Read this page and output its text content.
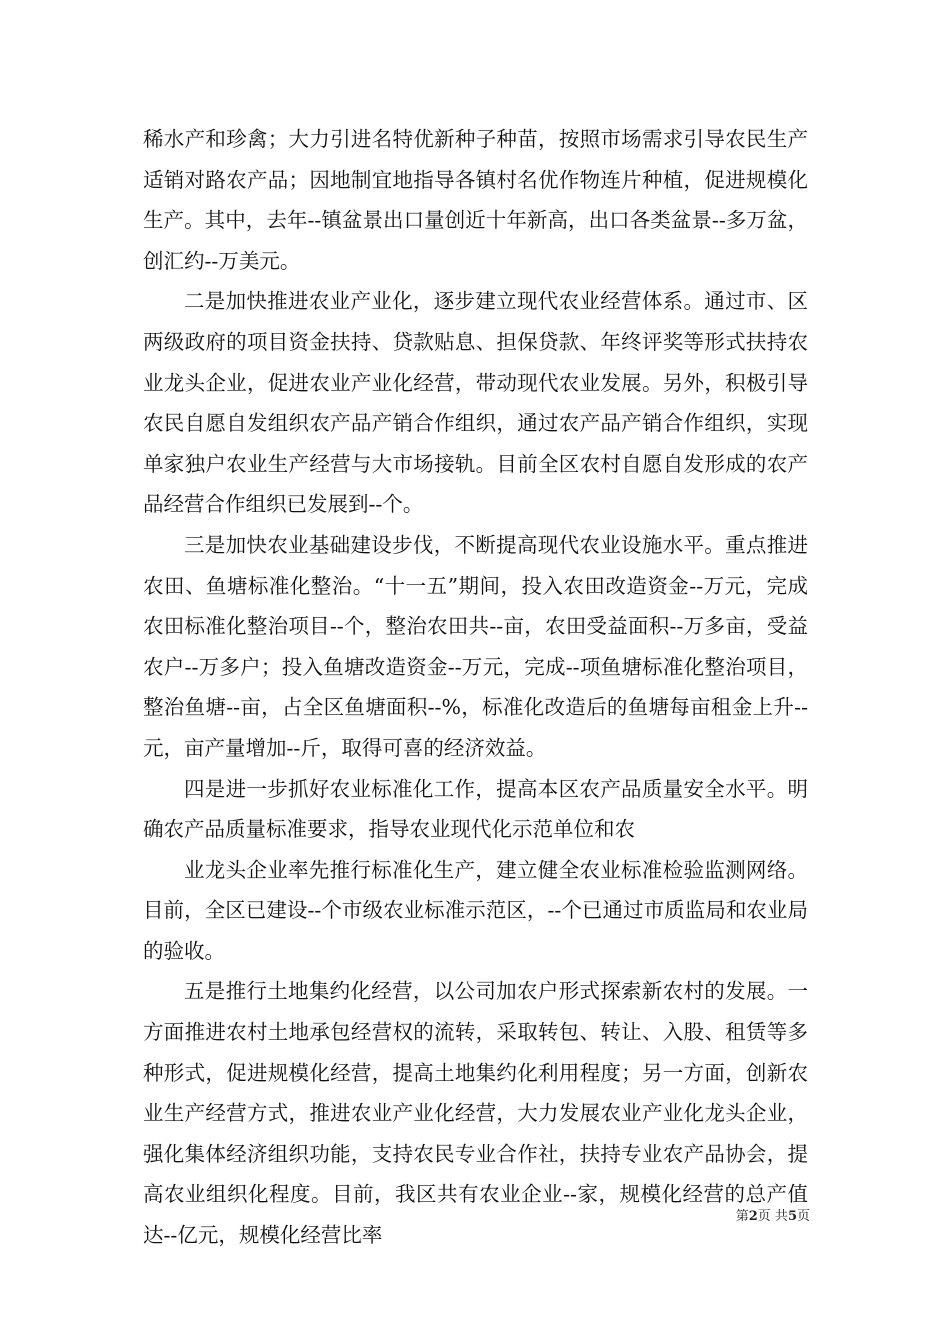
稀水产和珍禽；大力引进名特优新种子种苗，按照市场需求引导农民生产适销对路农产品；因地制宜地指导各镇村名优作物连片种植，促进规模化生产。其中，去年--镇盆景出口量创近十年新高，出口各类盆景--多万盆，创汇约--万美元。

二是加快推进农业产业化，逐步建立现代农业经营体系。通过市、区两级政府的项目资金扶持、贷款贴息、担保贷款、年终评奖等形式扶持农业龙头企业，促进农业产业化经营，带动现代农业发展。另外，积极引导农民自愿自发组织农产品产销合作组织，通过农产品产销合作组织，实现单家独户农业生产经营与大市场接轨。目前全区农村自愿自发形成的农产品经营合作组织已发展到--个。

三是加快农业基础建设步伐，不断提高现代农业设施水平。重点推进农田、鱼塘标准化整治。“十一五”期间，投入农田改造资金--万元，完成农田标准化整治项目--个，整治农田共--亩，农田受益面积--万多亩，受益农户--万多户；投入鱼塘改造资金--万元，完成--项鱼塘标准化整治项目，整治鱼塘--亩，占全区鱼塘面积--%，标准化改造后的鱼塘每亩租金上升--元，亩产量增加--斤，取得可喜的经济效益。

四是进一步抓好农业标准化工作，提高本区农产品质量安全水平。明确农产品质量标准要求，指导农业现代化示范单位和农

业龙头企业率先推行标准化生产，建立健全农业标准检验监测网络。目前，全区已建设--个市级农业标准示范区，--个已通过市质监局和农业局的验收。

五是推行土地集约化经营，以公司加农户形式探索新农村的发展。一方面推进农村土地承包经营权的流转，采取转包、转让、入股、租赁等多种形式，促进规模化经营，提高土地集约化利用程度；另一方面，创新农业生产经营方式，推进农业产业化经营，大力发展农业产业化龙头企业，强化集体经济组织功能，支持农民专业合作社，扶持专业农产品协会，提高农业组织化程度。目前，我区共有农业企业--家，规模化经营的总产值达--亿元，规模化经营比率

第2页 共5页
